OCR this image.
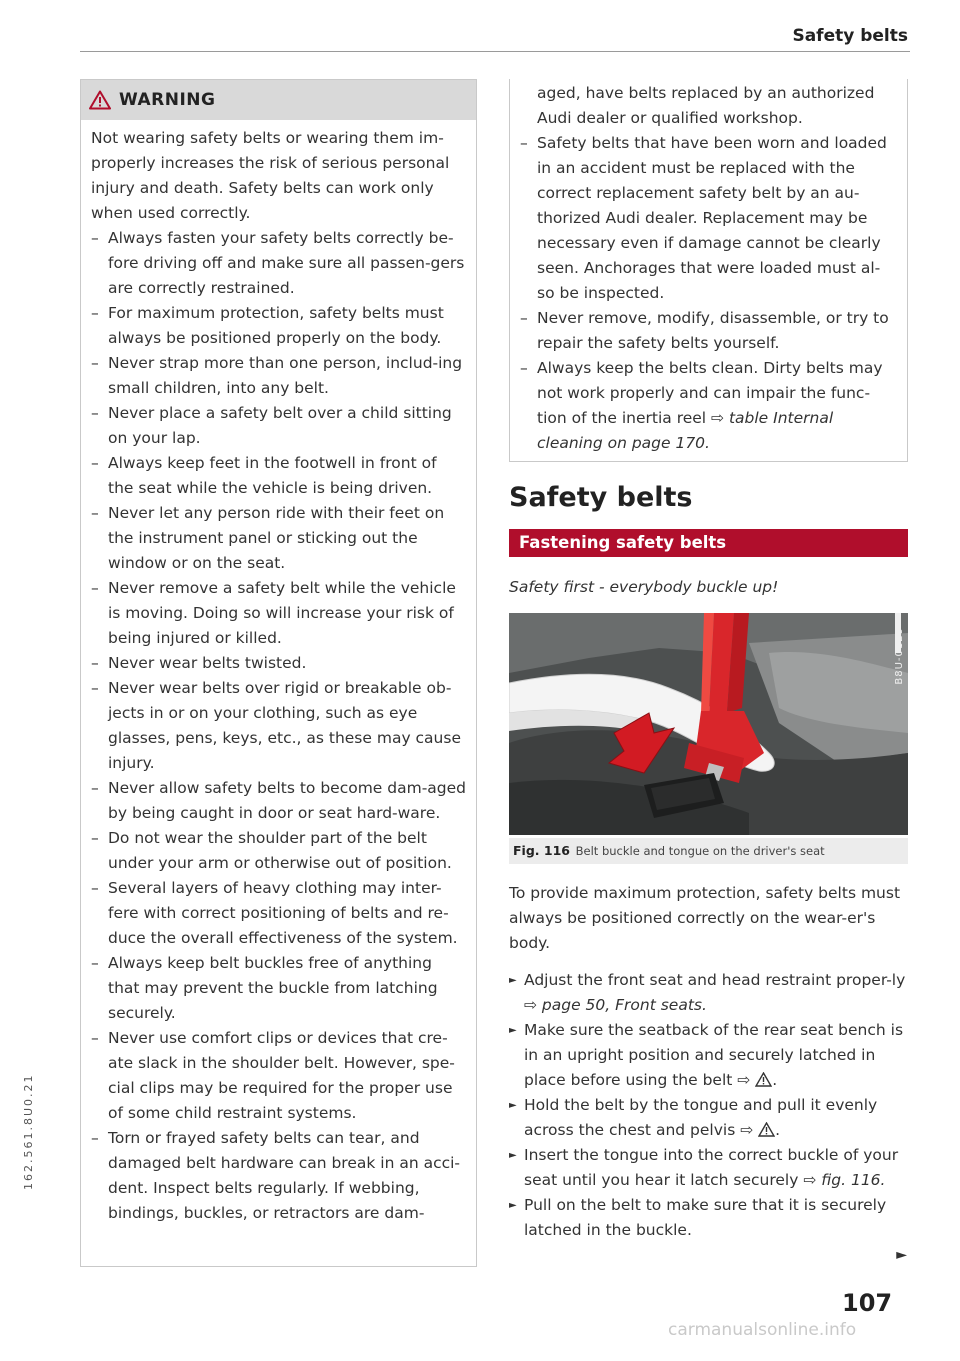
Safety belts
162.561.8U0.21
WARNING

Not wearing safety belts or wearing them im-properly increases the risk of serious personal injury and death. Safety belts can work only when used correctly.

– Always fasten your safety belts correctly be-fore driving off and make sure all passen-gers are correctly restrained.
– For maximum protection, safety belts must always be positioned properly on the body.
– Never strap more than one person, includ-ing small children, into any belt.
– Never place a safety belt over a child sitting on your lap.
– Always keep feet in the footwell in front of the seat while the vehicle is being driven.
– Never let any person ride with their feet on the instrument panel or sticking out the window or on the seat.
– Never remove a safety belt while the vehicle is moving. Doing so will increase your risk of being injured or killed.
– Never wear belts twisted.
– Never wear belts over rigid or breakable ob-jects in or on your clothing, such as eye glasses, pens, keys, etc., as these may cause injury.
– Never allow safety belts to become dam-aged by being caught in door or seat hard-ware.
– Do not wear the shoulder part of the belt under your arm or otherwise out of position.
– Several layers of heavy clothing may inter-fere with correct positioning of belts and re-duce the overall effectiveness of the system.
– Always keep belt buckles free of anything that may prevent the buckle from latching securely.
– Never use comfort clips or devices that cre-ate slack in the shoulder belt. However, spe-cial clips may be required for the proper use of some child restraint systems.
– Torn or frayed safety belts can tear, and damaged belt hardware can break in an acci-dent. Inspect belts regularly. If webbing, bindings, buckles, or retractors are dam-
aged, have belts replaced by an authorized Audi dealer or qualified workshop.
– Safety belts that have been worn and loaded in an accident must be replaced with the correct replacement safety belt by an au-thorized Audi dealer. Replacement may be necessary even if damage cannot be clearly seen. Anchorages that were loaded must al-so be inspected.
– Never remove, modify, disassemble, or try to repair the safety belts yourself.
– Always keep the belts clean. Dirty belts may not work properly and can impair the func-tion of the inertia reel ⇨ table Internal cleaning on page 170.
Safety belts
Fastening safety belts
Safety first - everybody buckle up!
B8U-0129
Fig. 116 Belt buckle and tongue on the driver's seat

To provide maximum protection, safety belts must always be positioned correctly on the wear-er's body.

► Adjust the front seat and head restraint proper-ly ⇨ page 50, Front seats.
► Make sure the seatback of the rear seat bench is in an upright position and securely latched in place before using the belt ⇨ .
► Hold the belt by the tongue and pull it evenly across the chest and pelvis ⇨ .
► Insert the tongue into the correct buckle of your seat until you hear it latch securely ⇨ fig. 116.
► Pull on the belt to make sure that it is securely latched in the buckle.
►
107
carmanualsonline.info
